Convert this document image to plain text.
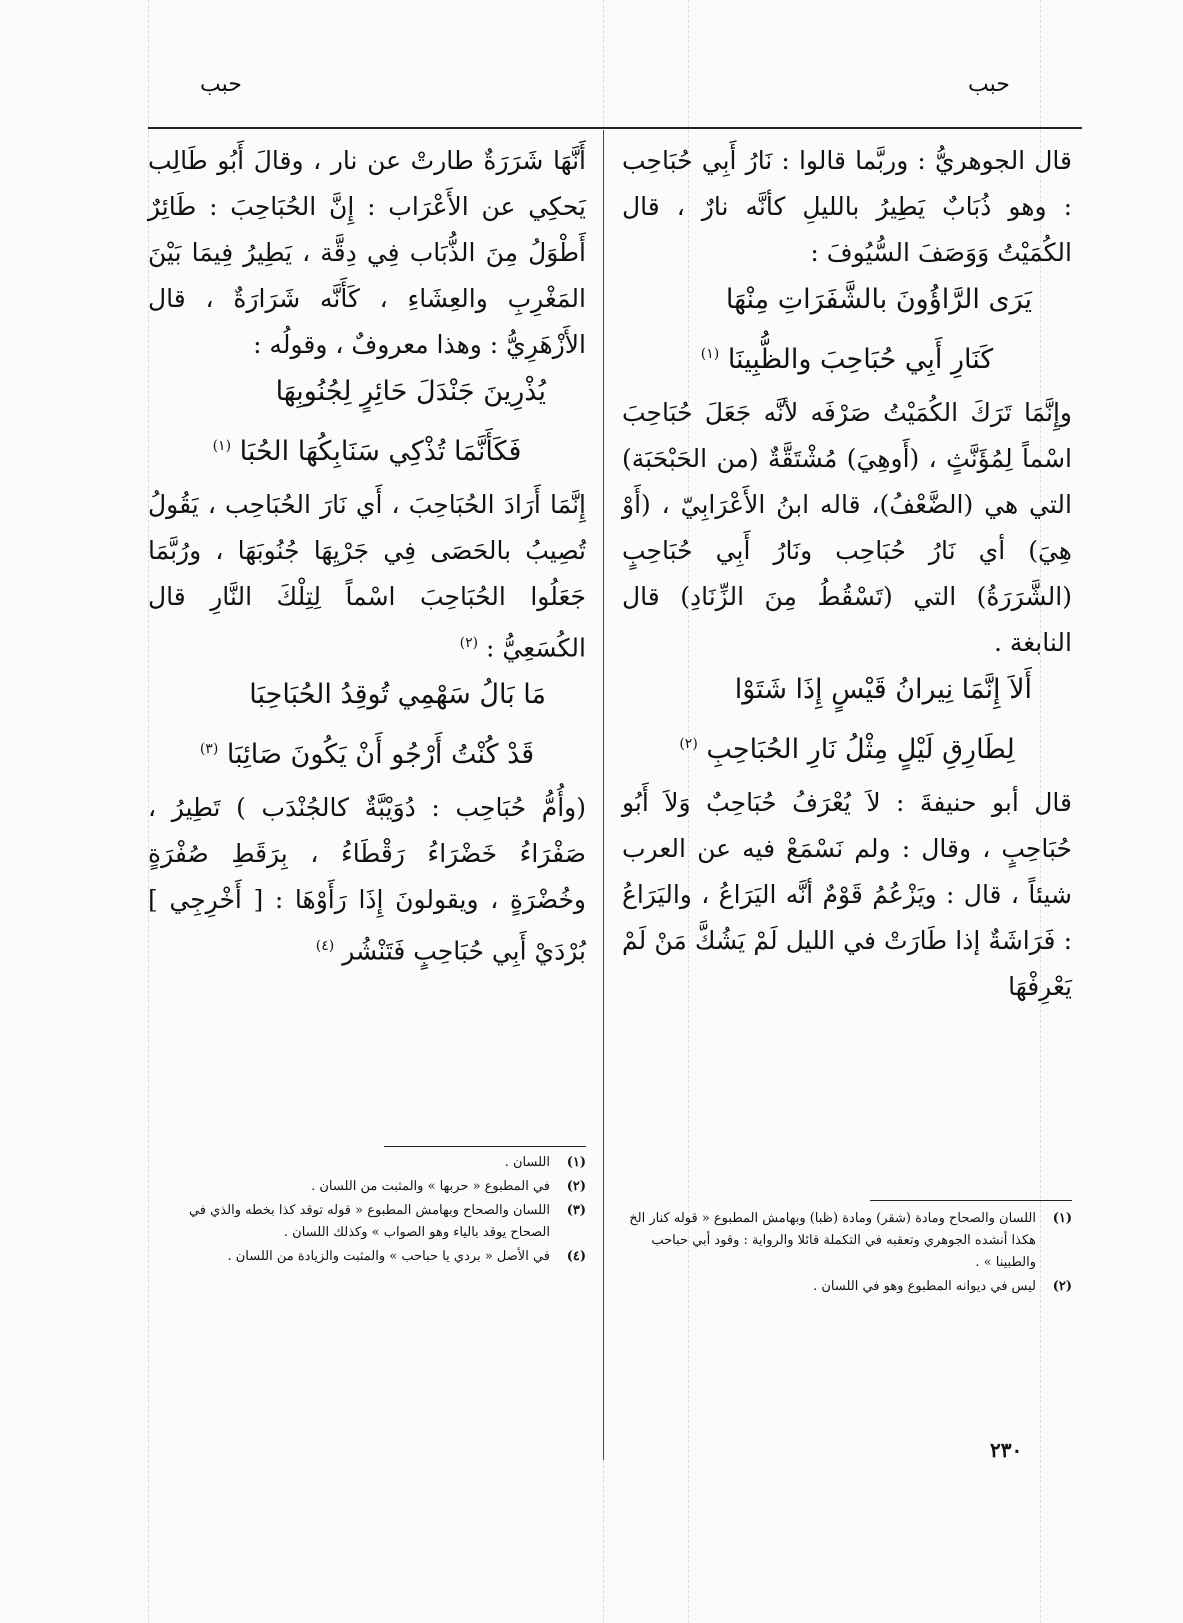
حبب
حبب

قال الجوهريُّ : وربَّما قالوا : نَارُ أَبِي حُبَاحِب : وهو ذُبَابٌ يَطِيرُ بالليلِ كأنَّه نارٌ ، قال الكُمَيْتُ وَوَصَفَ السُّيُوفَ :

يَرَى الرَّاؤُونَ بالشَّفَرَاتِ مِنْهَا

كَنَارِ أَبِي حُبَاحِبَ والظُّبِينَا $^{(١)}$

وإِنَّمَا تَرَكَ الكُمَيْتُ صَرْفَه لأنَّه جَعَلَ حُبَاحِبَ اسْماً لِمُؤَنَّثٍ ، (أَوهِيَ) مُشْتَقَّةٌ (من الحَبْحَبَة) التي هي (الضَّعْفُ)، قاله ابنُ الأَعْرَابِيّ ، (أَوْ هِيَ) أي نَارُ حُبَاحِب ونَارُ أَبِي حُبَاحِبٍ (الشَّرَرَةُ) التي (تَسْقُطُ مِنَ الزِّنَادِ) قال النابغة .

أَلاَ إِنَّمَا نِيرانُ قَيْسٍ إِذَا شَتَوْا

لِطَارِقِ لَيْلٍ مِثْلُ نَارِ الحُبَاحِبِ $^{(٢)}$

قال أبو حنيفةَ : لاَ يُعْرَفُ حُبَاحِبٌ وَلاَ أَبُو حُبَاحِبٍ ، وقال : ولم نَسْمَعْ فيه عن العرب شيئاً ، قال : ويَزْعُمُ قَوْمٌ أنَّه اليَرَاعُ ، واليَرَاعُ : فَرَاشَةٌ إذا طَارَتْ في الليل لَمْ يَشُكَّ مَنْ لَمْ يَعْرِفْهَا

أَنَّهَا شَرَرَةٌ طارتْ عن نار ، وقالَ أَبُو طَالِب يَحكِي عن الأَعْرَاب : إِنَّ الحُبَاحِبَ : طَائِرٌ أَطْوَلُ مِنَ الذُّبَاب فِي دِقَّة ، يَطِيرُ فِيمَا بَيْنَ المَغْرِبِ والعِشَاءِ ، كَأَنَّه شَرَارَةٌ ، قال الأَزْهَرِيُّ : وهذا معروفٌ ، وقولُه :

يُذْرِينَ جَنْدَلَ حَائِرٍ لِجُنُوبِهَا

فَكَأَنَّمَا تُذْكِي سَنَابِكُهَا الحُبَا $^{(١)}$

إِنَّمَا أَرَادَ الحُبَاحِبَ ، أَي نَارَ الحُبَاحِب ، يَقُولُ تُصِيبُ بالحَصَى فِي جَرْيِهَا جُنُوبَهَا ، ورُبَّمَا جَعَلُوا الحُبَاحِبَ اسْماً لِتِلْكَ النَّارِ قال الكُسَعِيُّ : $^{(٢)}$

مَا بَالُ سَهْمِي تُوقِدُ الحُبَاحِبَا

قَدْ كُنْتُ أَرْجُو أَنْ يَكُونَ صَائِبَا $^{(٣)}$

(وأُمُّ حُبَاحِب : دُوَيْبَّةٌ كالجُنْدَب ) تَطِيرُ ، صَفْرَاءُ خَضْرَاءُ رَقْطَاءُ ، بِرَقَطِ صُفْرَةٍ وخُضْرَةٍ ، ويقولونَ إِذَا رَأَوْهَا : [ أَخْرِجِي ] بُرْدَيْ أَبِي حُبَاحِبٍ فَتَنْشُر $^{(٤)}$

(١)
اللسان والصحاح ومادة (شقر) ومادة (ظبا) وبهامش المطبوع « قوله كنار الخ هكذا أنشده الجوهري وتعقبه في التكملة قائلا والرواية : وقود أبي حباحب والطبينا » .
(٢)
ليس في ديوانه المطبوع وهو في اللسان .
(١)
اللسان .
(٢)
في المطبوع « حربها » والمثبت من اللسان .
(٣)
اللسان والصحاح وبهامش المطبوع « قوله توقد كذا بخطه والذي في الصحاح يوقد بالياء وهو الصواب » وكذلك اللسان .
(٤)
في الأصل « بردي يا حباحب » والمثبت والزيادة من اللسان .
٢٣٠
